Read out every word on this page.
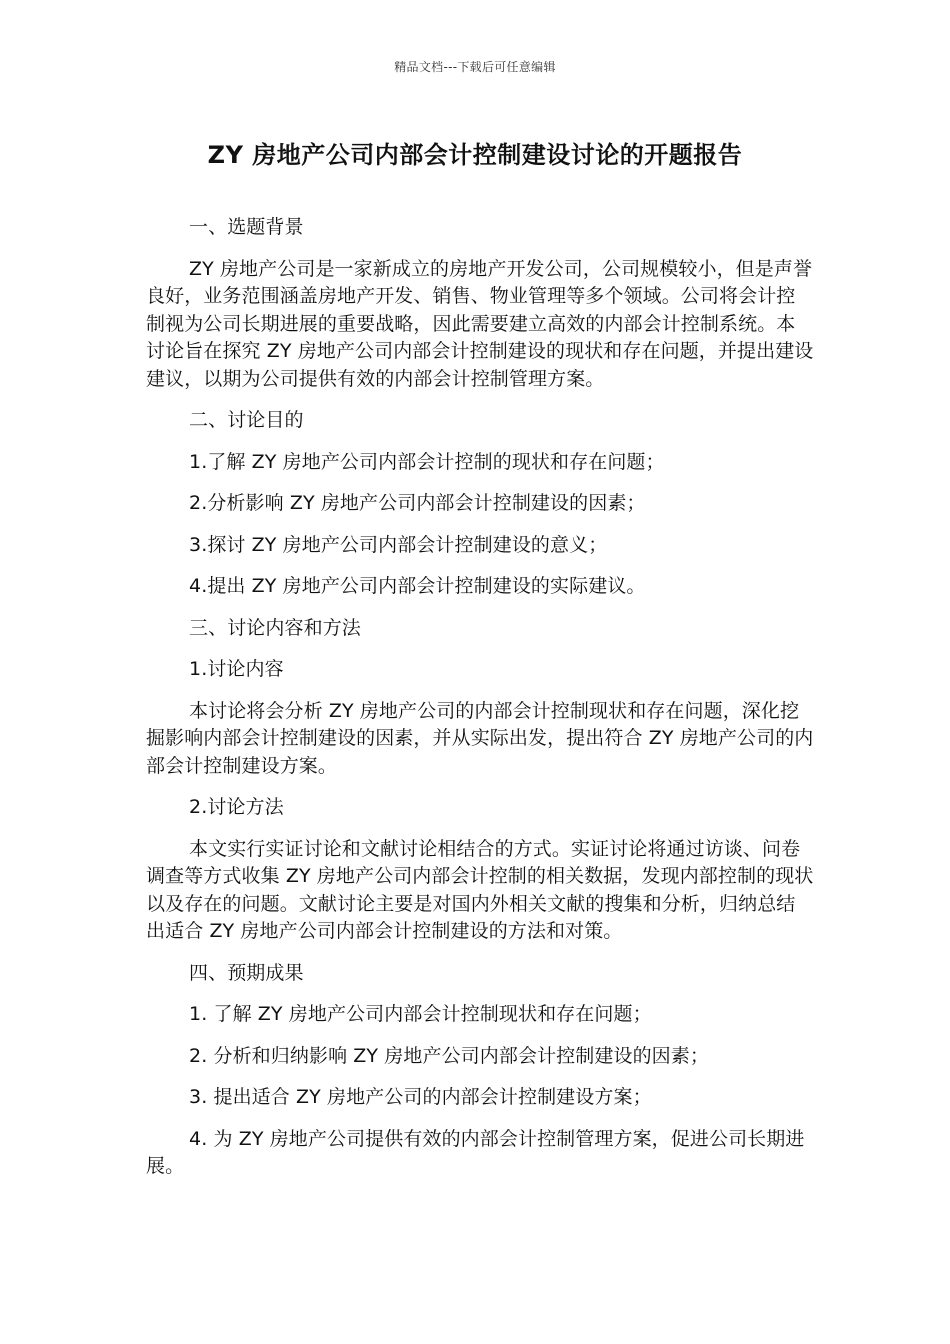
精品文档---下载后可任意编辑
ZY 房地产公司内部会计控制建设讨论的开题报告

一、选题背景

ZY 房地产公司是一家新成立的房地产开发公司，公司规模较小，但是声誉良好，业务范围涵盖房地产开发、销售、物业管理等多个领域。公司将会计控制视为公司长期进展的重要战略，因此需要建立高效的内部会计控制系统。本讨论旨在探究 ZY 房地产公司内部会计控制建设的现状和存在问题，并提出建设建议，以期为公司提供有效的内部会计控制管理方案。

二、讨论目的

1.了解 ZY 房地产公司内部会计控制的现状和存在问题；

2.分析影响 ZY 房地产公司内部会计控制建设的因素；

3.探讨 ZY 房地产公司内部会计控制建设的意义；

4.提出 ZY 房地产公司内部会计控制建设的实际建议。

三、讨论内容和方法

1.讨论内容

本讨论将会分析 ZY 房地产公司的内部会计控制现状和存在问题，深化挖掘影响内部会计控制建设的因素，并从实际出发，提出符合 ZY 房地产公司的内部会计控制建设方案。

2.讨论方法

本文实行实证讨论和文献讨论相结合的方式。实证讨论将通过访谈、问卷调查等方式收集 ZY 房地产公司内部会计控制的相关数据，发现内部控制的现状以及存在的问题。文献讨论主要是对国内外相关文献的搜集和分析，归纳总结出适合 ZY 房地产公司内部会计控制建设的方法和对策。

四、预期成果

1. 了解 ZY 房地产公司内部会计控制现状和存在问题；

2. 分析和归纳影响 ZY 房地产公司内部会计控制建设的因素；

3. 提出适合 ZY 房地产公司的内部会计控制建设方案；

4. 为 ZY 房地产公司提供有效的内部会计控制管理方案，促进公司长期进展。
